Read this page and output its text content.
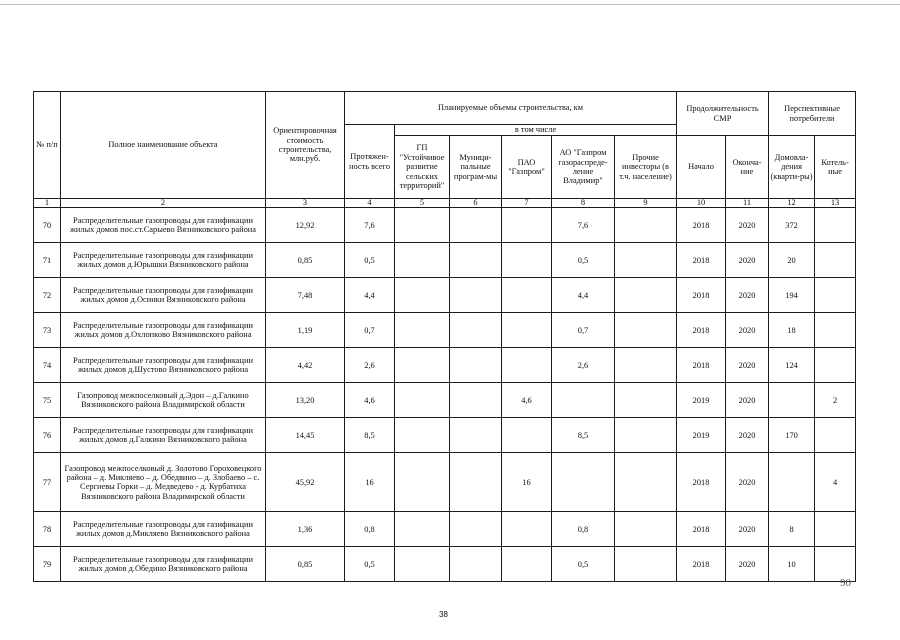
№ п/п	Полное наименование объекта	Ориентировочная стоимость строительства, млн.руб.	Планируемые объемы строительства, км						Продолжительность СМР		Перспективные потребители	
			Протяжен-ность всего	в том числе								
				ГП "Устойчивое развитие сельских территорий"	Муници-пальные програм-мы	ПАО "Газпром"	АО "Газпром газораспреде-ление Владимир"	Прочие инвесторы (в т.ч. население)	Начало	Оконча-ние	Домовла-дения (кварти-ры)	Котель-ные
1	2	3	4	5	6	7	8	9	10	11	12	13
70	Распределительные газопроводы для газификации жилых домов пос.ст.Сарыево Вязниковского района	12,92	7,6				7,6		2018	2020	372	
71	Распределительные газопроводы для газификации жилых домов д.Юрышки Вязниковского района	0,85	0,5				0,5		2018	2020	20	
72	Распределительные газопроводы для газификации жилых домов д.Осинки Вязниковского района	7,48	4,4				4,4		2018	2020	194	
73	Распределительные газопроводы для газификации жилых домов д.Охлопково Вязниковского района	1,19	0,7				0,7		2018	2020	18	
74	Распределительные газопроводы для газификации жилых домов д.Шустово Вязниковского района	4,42	2,6				2,6		2018	2020	124	
75	Газопровод межпоселковый д.Эдон – д.Галкино Вязниковского района Владимирской области	13,20	4,6			4,6			2019	2020		2
76	Распределительные газопроводы для газификации жилых домов д.Галкино Вязниковского района	14,45	8,5				8,5		2019	2020	170	
77	Газопровод межпоселковый д. Золотово Гороховецкого района – д. Микляево – д. Обедвино – д. Злобаево – с. Сергиевы Горки – д. Медведево - д. Курбатиха Вязниковского района Владимирской области	45,92	16			16			2018	2020		4
78	Распределительные газопроводы для газификации жилых домов д.Микляево Вязниковского района	1,36	0,8				0,8		2018	2020	8	
79	Распределительные газопроводы для газификации жилых домов д.Обедино Вязниковского района	0,85	0,5				0,5		2018	2020	10	
90
38
